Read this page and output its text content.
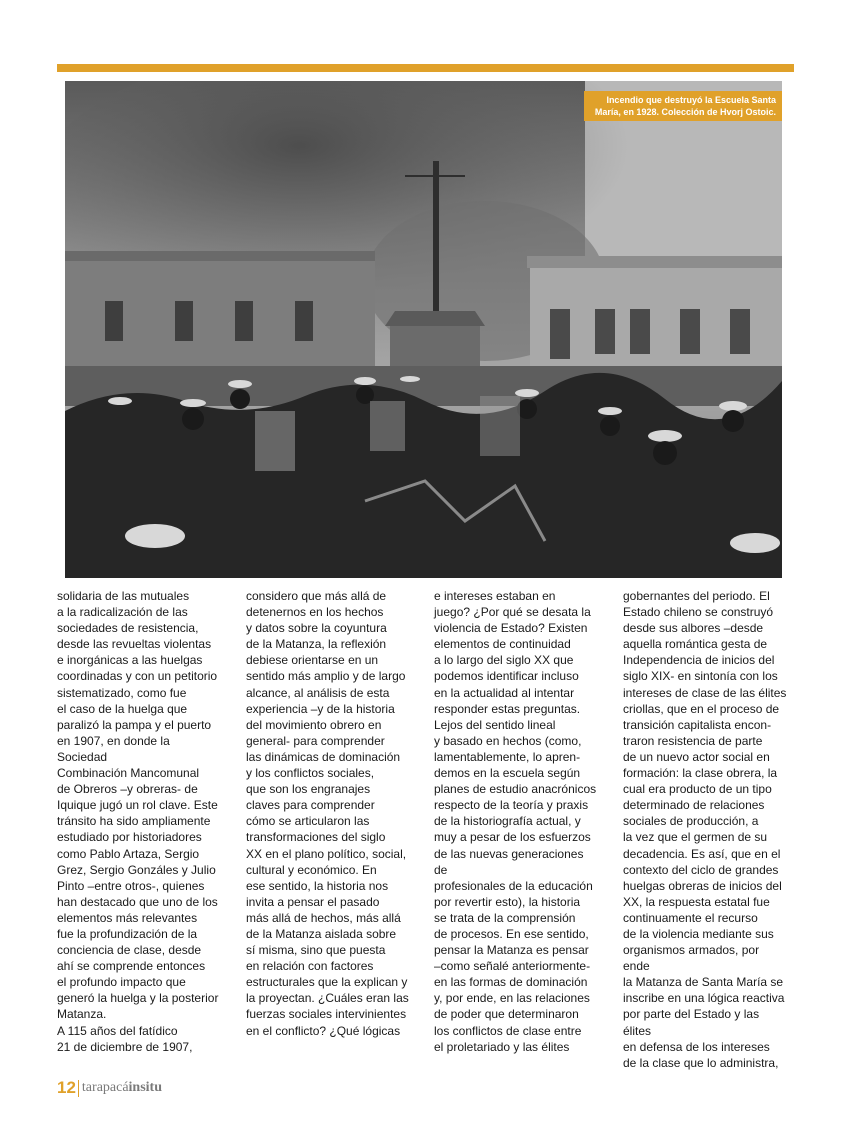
Incendio que destruyó la Escuela Santa María, en 1928. Colección de Hvorj Ostoic.
solidaria de las mutuales
a la radicalización de las
sociedades de resistencia,
desde las revueltas violentas
e inorgánicas a las huelgas
coordinadas y con un petitorio
sistematizado, como fue
el caso de la huelga que
paralizó la pampa y el puerto
en 1907, en donde la Sociedad
Combinación Mancomunal
de Obreros –y obreras- de
Iquique jugó un rol clave. Este
tránsito ha sido ampliamente
estudiado por historiadores
como Pablo Artaza, Sergio
Grez, Sergio Gonzáles y Julio
Pinto –entre otros-, quienes
han destacado que uno de los
elementos más relevantes
fue la profundización de la
conciencia de clase, desde
ahí se comprende entonces
el profundo impacto que
generó la huelga y la posterior
Matanza.
A 115 años del fatídico
21 de diciembre de 1907,
considero que más allá de
detenernos en los hechos
y datos sobre la coyuntura
de la Matanza, la reflexión
debiese orientarse en un
sentido más amplio y de largo
alcance, al análisis de esta
experiencia –y de la historia
del movimiento obrero en
general- para comprender
las dinámicas de dominación
y los conflictos sociales,
que son los engranajes
claves para comprender
cómo se articularon las
transformaciones del siglo
XX en el plano político, social,
cultural y económico. En
ese sentido, la historia nos
invita a pensar el pasado
más allá de hechos, más allá
de la Matanza aislada sobre
sí misma, sino que puesta
en relación con factores
estructurales que la explican y
la proyectan. ¿Cuáles eran las
fuerzas sociales intervinientes
en el conflicto? ¿Qué lógicas
e intereses estaban en
juego? ¿Por qué se desata la
violencia de Estado? Existen
elementos de continuidad
a lo largo del siglo XX que
podemos identificar incluso
en la actualidad al intentar
responder estas preguntas.
Lejos del sentido lineal
y basado en hechos (como,
lamentablemente, lo apren-
demos en la escuela según
planes de estudio anacrónicos
respecto de la teoría y praxis
de la historiografía actual, y
muy a pesar de los esfuerzos
de las nuevas generaciones de
profesionales de la educación
por revertir esto), la historia
se trata de la comprensión
de procesos. En ese sentido,
pensar la Matanza es pensar
–como señalé anteriormente-
en las formas de dominación
y, por ende, en las relaciones
de poder que determinaron
los conflictos de clase entre
el proletariado y las élites
gobernantes del periodo. El
Estado chileno se construyó
desde sus albores –desde
aquella romántica gesta de
Independencia de inicios del
siglo XIX- en sintonía con los
intereses de clase de las élites
criollas, que en el proceso de
transición capitalista encon-
traron resistencia de parte
de un nuevo actor social en
formación: la clase obrera, la
cual era producto de un tipo
determinado de relaciones
sociales de producción, a
la vez que el germen de su
decadencia. Es así, que en el
contexto del ciclo de grandes
huelgas obreras de inicios del
XX, la respuesta estatal fue
continuamente el recurso
de la violencia mediante sus
organismos armados, por ende
la Matanza de Santa María se
inscribe en una lógica reactiva
por parte del Estado y las élites
en defensa de los intereses
de la clase que lo administra,
12 tarapacá insitu
